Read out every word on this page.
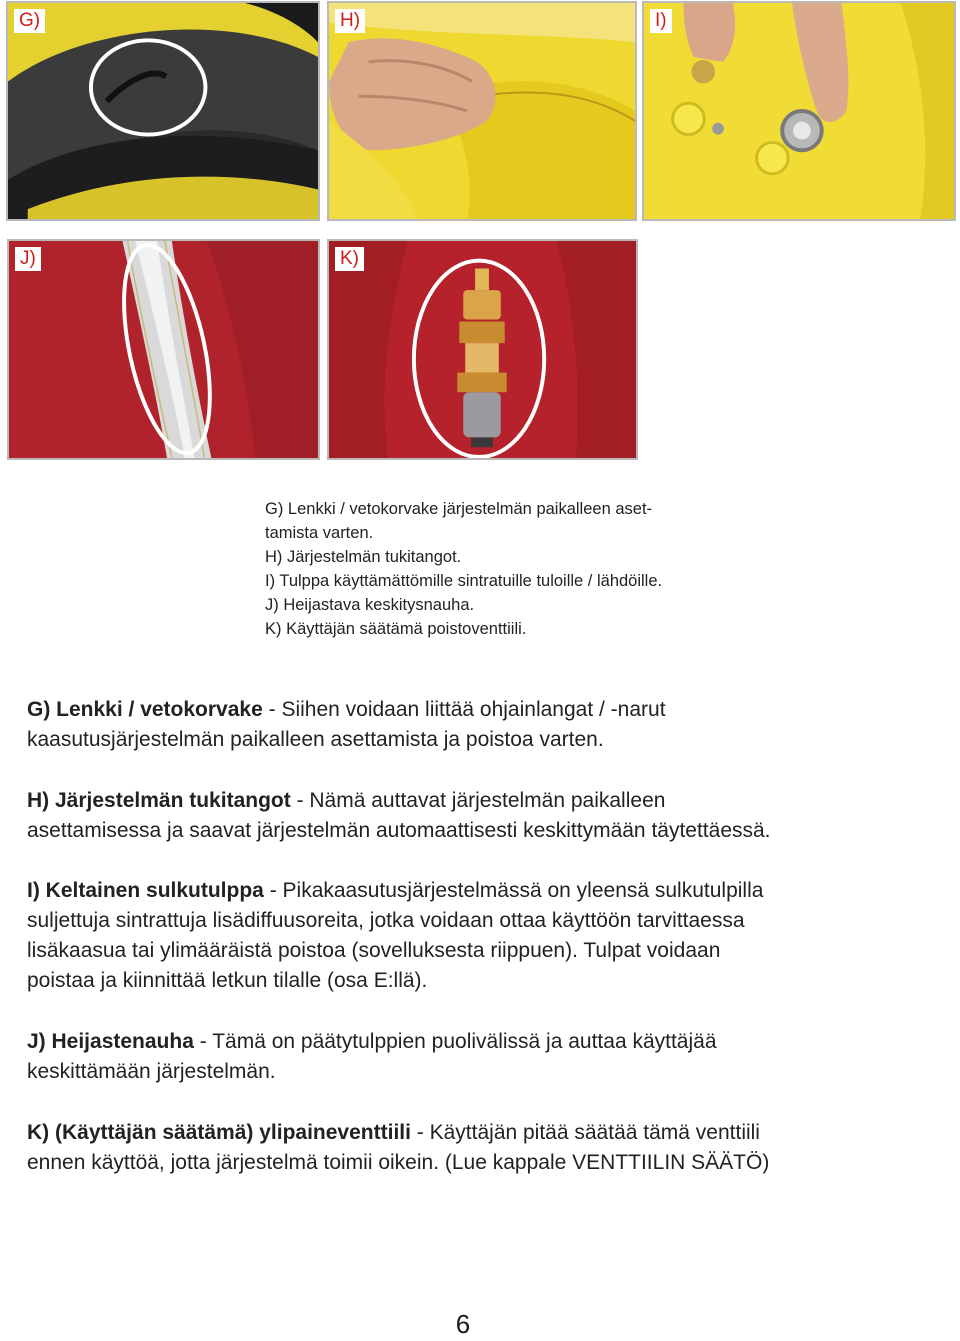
G)	H)	I)
J)	K)
G) Lenkki / vetokorvake järjestelmän paikalleen aset-
tamista varten.
H) Järjestelmän tukitangot.
I) Tulppa käyttämättömille sintratuille tuloille / lähdöille.
J) Heijastava keskitysnauha.
K) Käyttäjän säätämä poistoventtiili.
G) Lenkki / vetokorvake - Siihen voidaan liittää ohjainlangat / -narut
kaasutusjärjestelmän paikalleen asettamista ja poistoa varten.
H) Järjestelmän tukitangot - Nämä auttavat järjestelmän paikalleen
asettamisessa ja saavat järjestelmän automaattisesti keskittymään täytettäessä.
I) Keltainen sulkutulppa - Pikakaasutusjärjestelmässä on yleensä sulkutulpilla
suljettuja sintrattuja lisädiffuusoreita, jotka voidaan ottaa käyttöön tarvittaessa
lisäkaasua tai ylimääräistä poistoa (sovelluksesta riippuen). Tulpat voidaan
poistaa ja kiinnittää letkun tilalle (osa E:llä).
J) Heijastenauha - Tämä on päätytulppien puolivälissä ja auttaa käyttäjää
keskittämään järjestelmän.
K) (Käyttäjän säätämä) ylipaineventtiili - Käyttäjän pitää säätää tämä venttiili
ennen käyttöä, jotta järjestelmä toimii oikein. (Lue kappale VENTTIILIN SÄÄTÖ)
6
